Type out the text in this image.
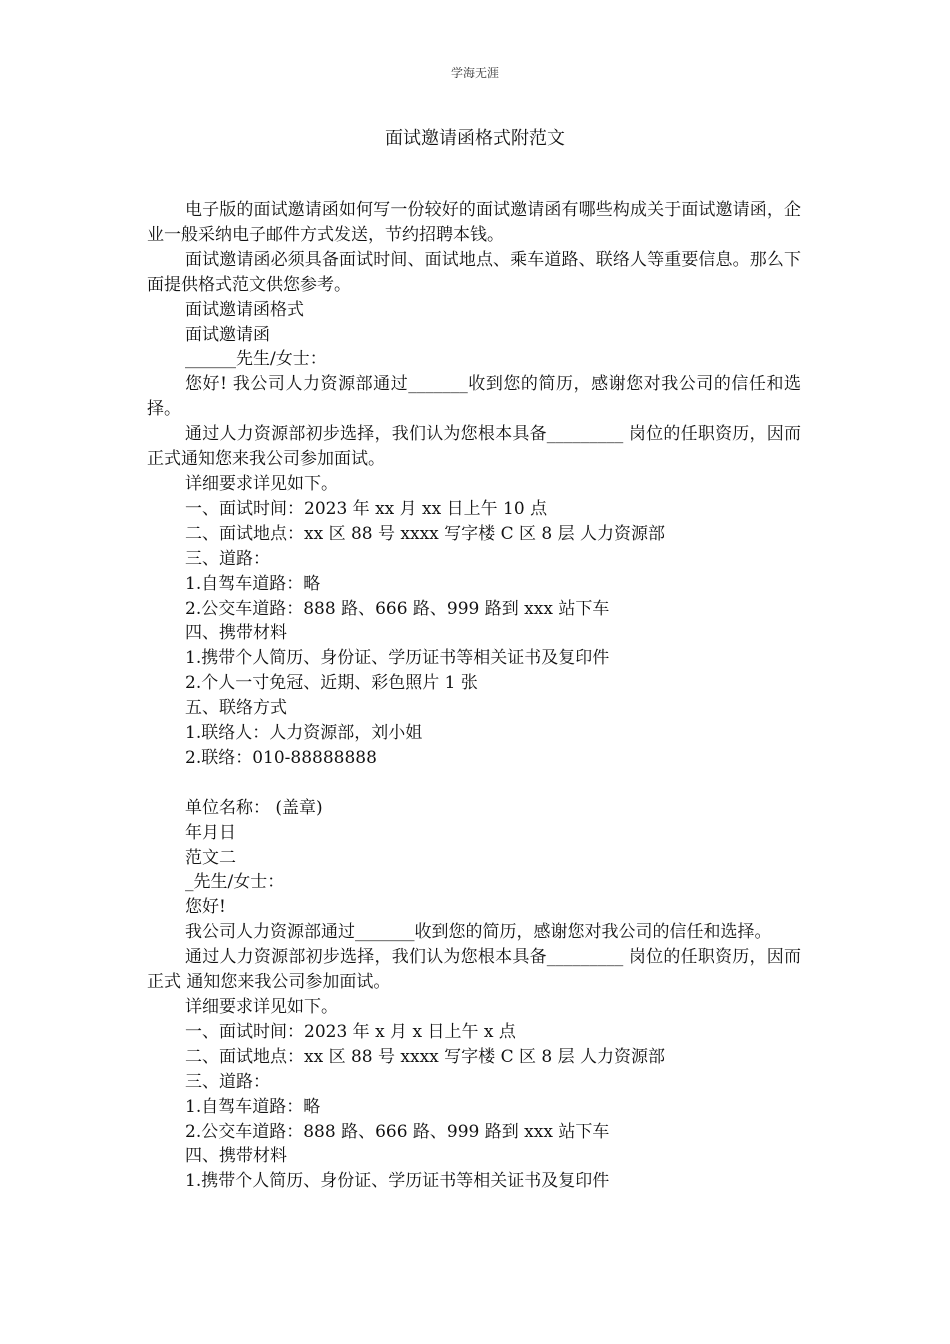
学海无涯
面试邀请函格式附范文

电子版的面试邀请函如何写一份较好的面试邀请函有哪些构成关于面试邀请函，企业一般采纳电子邮件方式发送，节约招聘本钱。

面试邀请函必须具备面试时间、面试地点、乘车道路、联络人等重要信息。那么下面提供格式范文供您参考。

面试邀请函格式

面试邀请函

______先生/女士：

您好! 我公司人力资源部通过_______收到您的简历，感谢您对我公司的信任和选择。

通过人力资源部初步选择，我们认为您根本具备_________ 岗位的任职资历，因而正式通知您来我公司参加面试。

详细要求详见如下。

一、面试时间：2023 年 xx 月 xx 日上午 10 点

二、面试地点：xx 区 88 号 xxxx 写字楼 C 区 8 层 人力资源部

三、道路：

1.自驾车道路：略

2.公交车道路：888 路、666 路、999 路到 xxx 站下车

四、携带材料

1.携带个人简历、身份证、学历证书等相关证书及复印件

2.个人一寸免冠、近期、彩色照片 1 张

五、联络方式

1.联络人：人力资源部，刘小姐

2.联络：010-88888888

单位名称： (盖章)

年月日

范文二

_先生/女士：

您好!

我公司人力资源部通过_______收到您的简历，感谢您对我公司的信任和选择。

通过人力资源部初步选择，我们认为您根本具备_________ 岗位的任职资历，因而正式 通知您来我公司参加面试。

详细要求详见如下。

一、面试时间：2023 年 x 月 x 日上午 x 点

二、面试地点：xx 区 88 号 xxxx 写字楼 C 区 8 层 人力资源部

三、道路：

1.自驾车道路：略

2.公交车道路：888 路、666 路、999 路到 xxx 站下车

四、携带材料

1.携带个人简历、身份证、学历证书等相关证书及复印件
